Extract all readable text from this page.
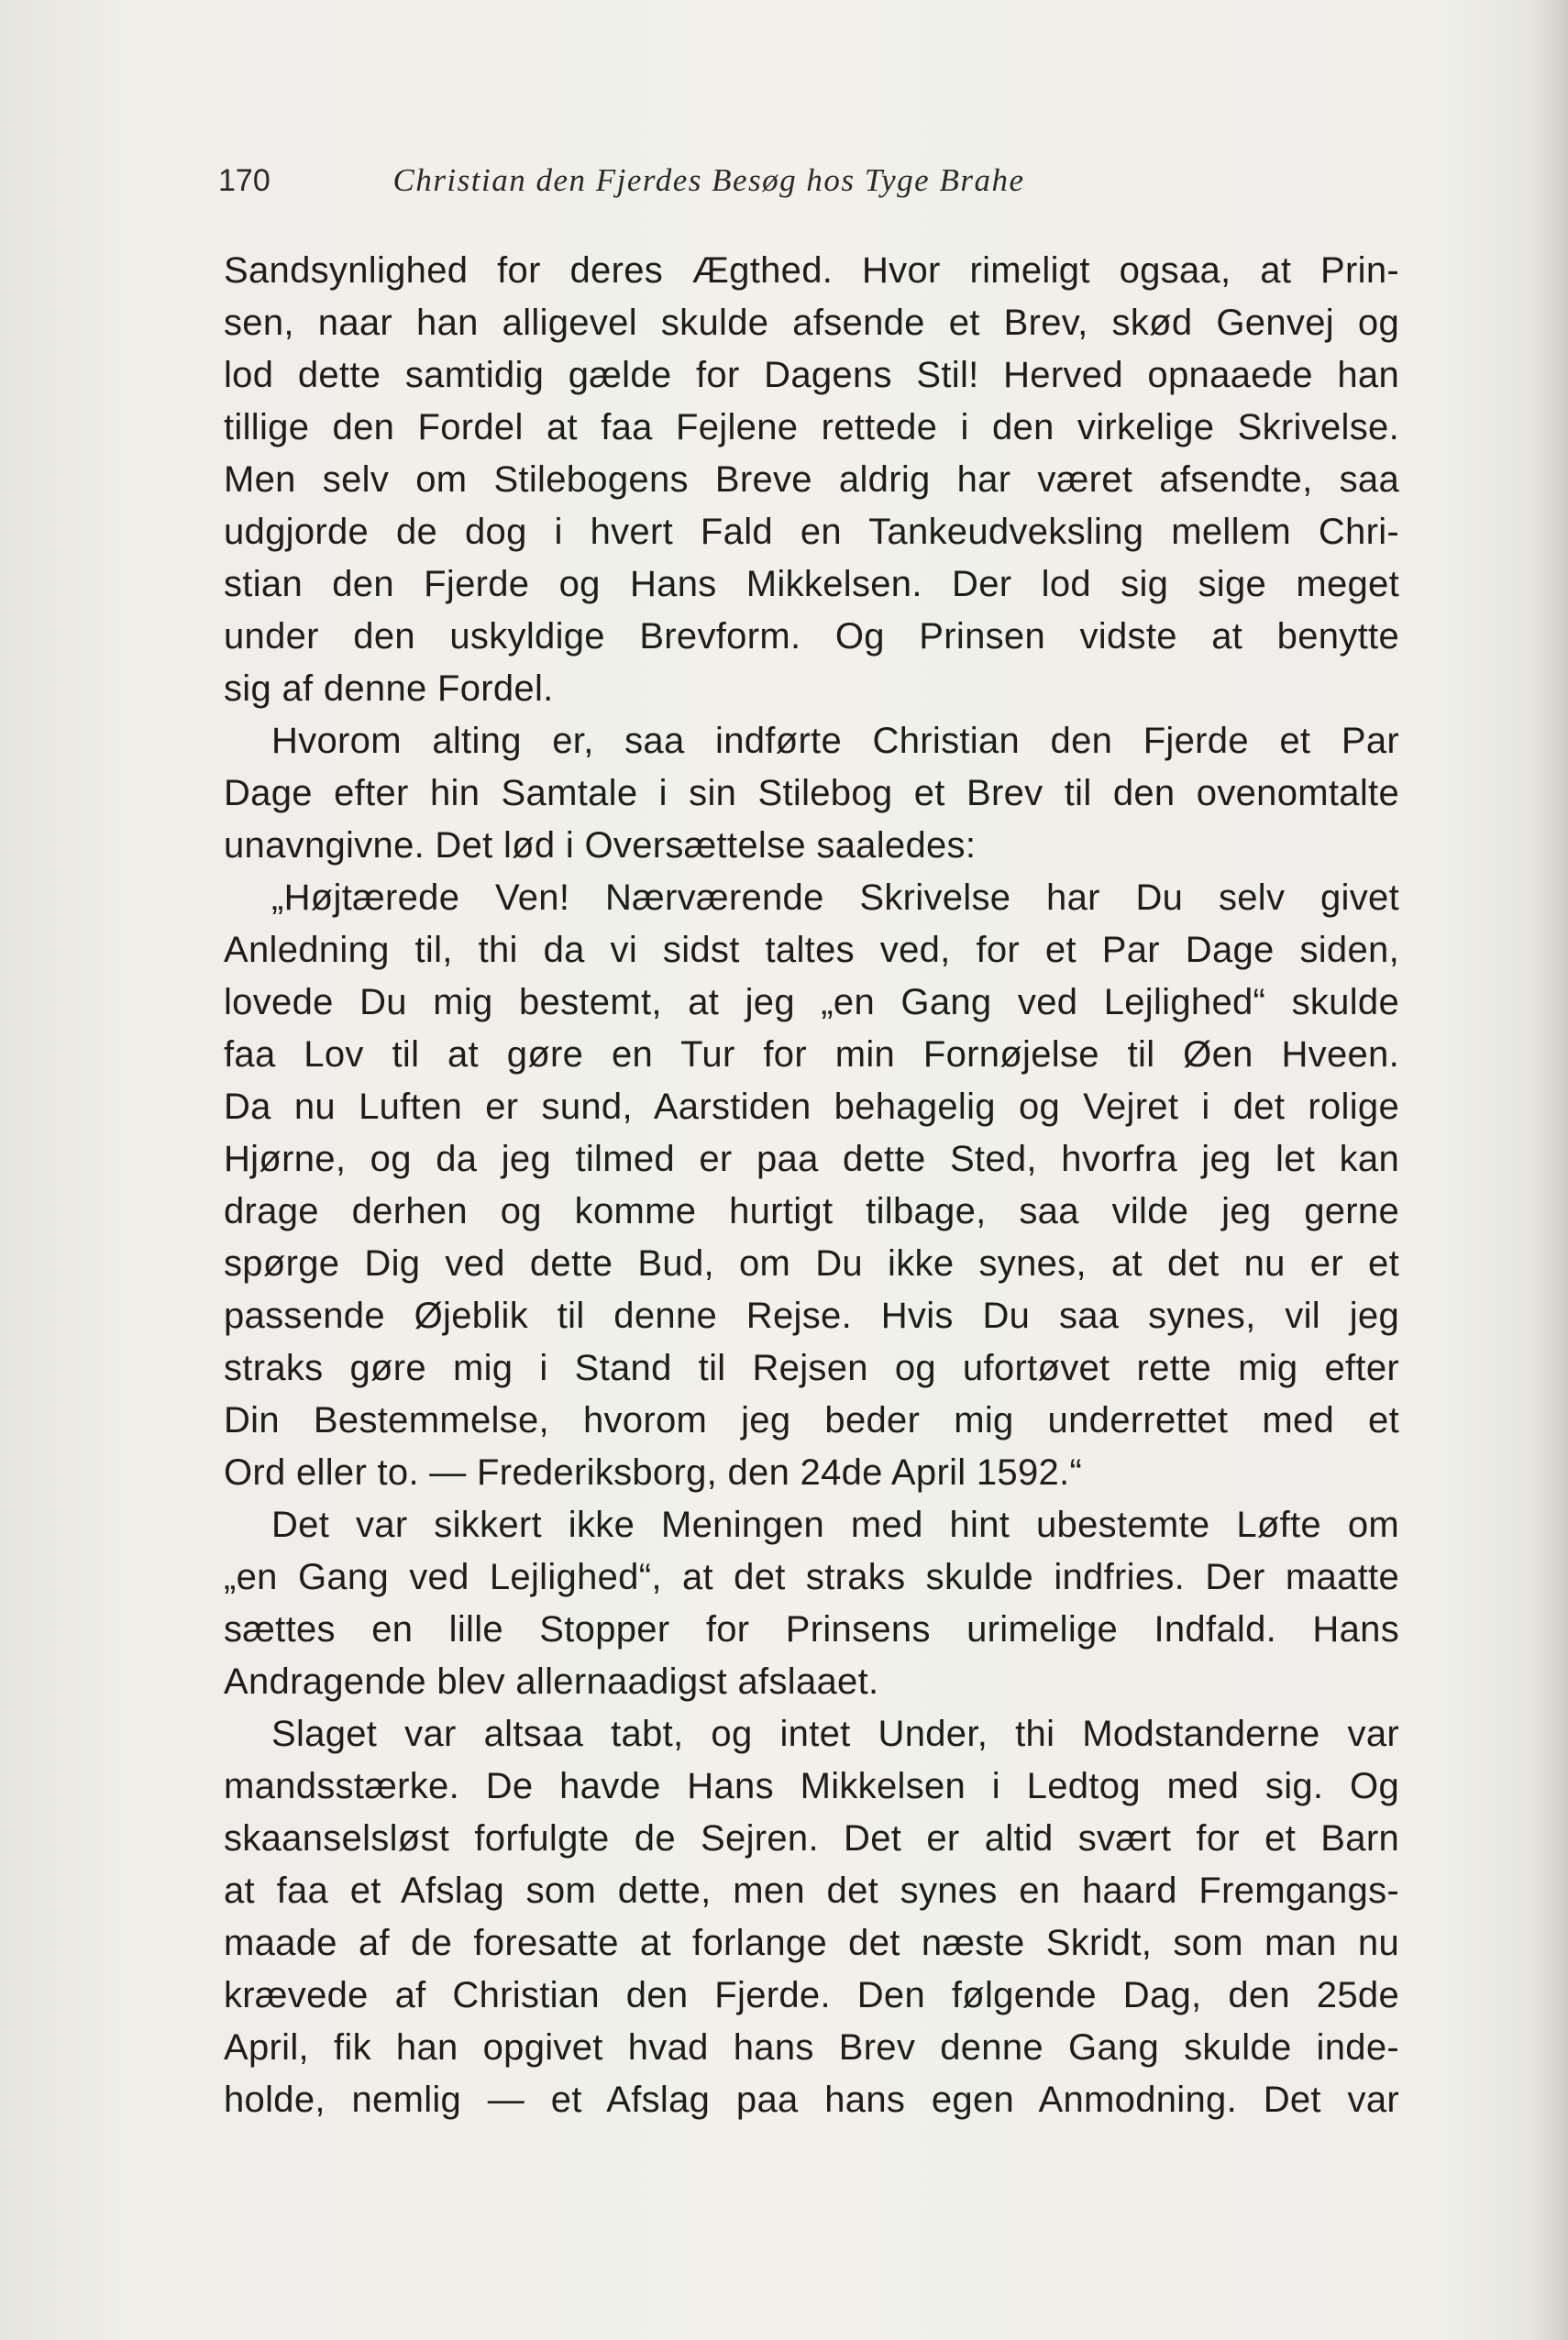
170	Christian den Fjerdes Besøg hos Tyge Brahe
Sandsynlighed for deres Ægthed. Hvor rimeligt ogsaa, at Prin-
sen, naar han alligevel skulde afsende et Brev, skød Genvej og
lod dette samtidig gælde for Dagens Stil! Herved opnaaede han
tillige den Fordel at faa Fejlene rettede i den virkelige Skrivelse.
Men selv om Stilebogens Breve aldrig har været afsendte, saa
udgjorde de dog i hvert Fald en Tankeudveksling mellem Chri-
stian den Fjerde og Hans Mikkelsen. Der lod sig sige meget
under den uskyldige Brevform. Og Prinsen vidste at benytte
sig af denne Fordel.
Hvorom alting er, saa indførte Christian den Fjerde et Par
Dage efter hin Samtale i sin Stilebog et Brev til den ovenomtalte
unavngivne. Det lød i Oversættelse saaledes:
„Højtærede Ven! Nærværende Skrivelse har Du selv givet
Anledning til, thi da vi sidst taltes ved, for et Par Dage siden,
lovede Du mig bestemt, at jeg „en Gang ved Lejlighed“ skulde
faa Lov til at gøre en Tur for min Fornøjelse til Øen Hveen.
Da nu Luften er sund, Aarstiden behagelig og Vejret i det rolige
Hjørne, og da jeg tilmed er paa dette Sted, hvorfra jeg let kan
drage derhen og komme hurtigt tilbage, saa vilde jeg gerne
spørge Dig ved dette Bud, om Du ikke synes, at det nu er et
passende Øjeblik til denne Rejse. Hvis Du saa synes, vil jeg
straks gøre mig i Stand til Rejsen og ufortøvet rette mig efter
Din Bestemmelse, hvorom jeg beder mig underrettet med et
Ord eller to. — Frederiksborg, den 24de April 1592.“
Det var sikkert ikke Meningen med hint ubestemte Løfte om
„en Gang ved Lejlighed“, at det straks skulde indfries. Der maatte
sættes en lille Stopper for Prinsens urimelige Indfald. Hans
Andragende blev allernaadigst afslaaet.
Slaget var altsaa tabt, og intet Under, thi Modstanderne var
mandsstærke. De havde Hans Mikkelsen i Ledtog med sig. Og
skaanselsløst forfulgte de Sejren. Det er altid svært for et Barn
at faa et Afslag som dette, men det synes en haard Fremgangs-
maade af de foresatte at forlange det næste Skridt, som man nu
krævede af Christian den Fjerde. Den følgende Dag, den 25de
April, fik han opgivet hvad hans Brev denne Gang skulde inde-
holde, nemlig — et Afslag paa hans egen Anmodning. Det var
